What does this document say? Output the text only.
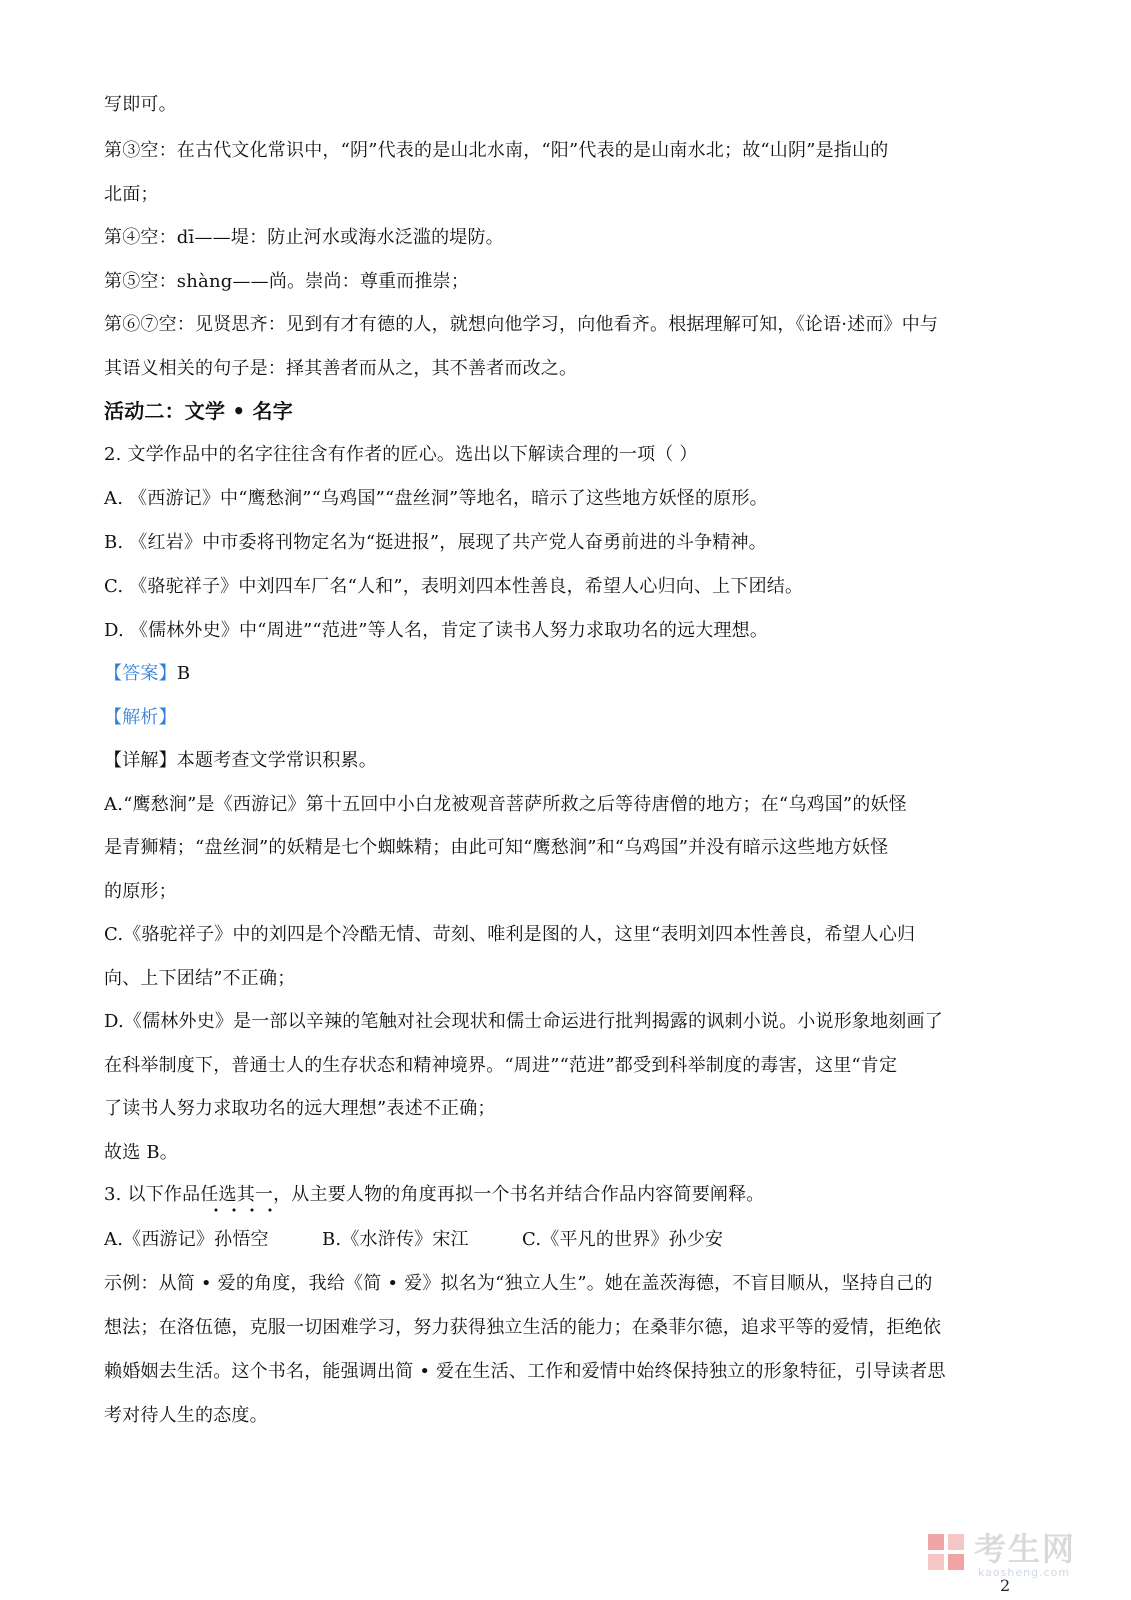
写即可。
第③空：在古代文化常识中，“阴”代表的是山北水南，“阳”代表的是山南水北；故“山阴”是指山的
北面；
第④空：dī——堤：防止河水或海水泛滥的堤防。
第⑤空：shàng——尚。崇尚：尊重而推崇；
第⑥⑦空：见贤思齐：见到有才有德的人，就想向他学习，向他看齐。根据理解可知，《论语·述而》中与
其语义相关的句子是：择其善者而从之，其不善者而改之。
活动二：文学 • 名字
2. 文学作品中的名字往往含有作者的匠心。选出以下解读合理的一项（ ）
A. 《西游记》中“鹰愁涧”“乌鸡国”“盘丝洞”等地名，暗示了这些地方妖怪的原形。
B. 《红岩》中市委将刊物定名为“挺进报”，展现了共产党人奋勇前进的斗争精神。
C. 《骆驼祥子》中刘四车厂名“人和”，表明刘四本性善良，希望人心归向、上下团结。
D. 《儒林外史》中“周进”“范进”等人名，肯定了读书人努力求取功名的远大理想。
【答案】B
【解析】
【详解】本题考查文学常识积累。
A.“鹰愁涧”是《西游记》第十五回中小白龙被观音菩萨所救之后等待唐僧的地方；在“乌鸡国”的妖怪
是青狮精；“盘丝洞”的妖精是七个蜘蛛精；由此可知“鹰愁涧”和“乌鸡国”并没有暗示这些地方妖怪
的原形；
C.《骆驼祥子》中的刘四是个冷酷无情、苛刻、唯利是图的人，这里“表明刘四本性善良，希望人心归
向、上下团结”不正确；
D.《儒林外史》是一部以辛辣的笔触对社会现状和儒士命运进行批判揭露的讽刺小说。小说形象地刻画了
在科举制度下，普通士人的生存状态和精神境界。“周进”“范进”都受到科举制度的毒害，这里“肯定
了读书人努力求取功名的远大理想”表述不正确；
故选 B。
3. 以下作品任选其一，从主要人物的角度再拟一个书名并结合作品内容简要阐释。
A.《西游记》孙悟空	B.《水浒传》宋江	C.《平凡的世界》孙少安
示例：从简 • 爱的角度，我给《简 • 爱》拟名为“独立人生”。她在盖茨海德，不盲目顺从，坚持自己的
想法；在洛伍德，克服一切困难学习，努力获得独立生活的能力；在桑菲尔德，追求平等的爱情，拒绝依
赖婚姻去生活。这个书名，能强调出简 • 爱在生活、工作和爱情中始终保持独立的形象特征，引导读者思
考对待人生的态度。
考生网
kaosheng.com
2
